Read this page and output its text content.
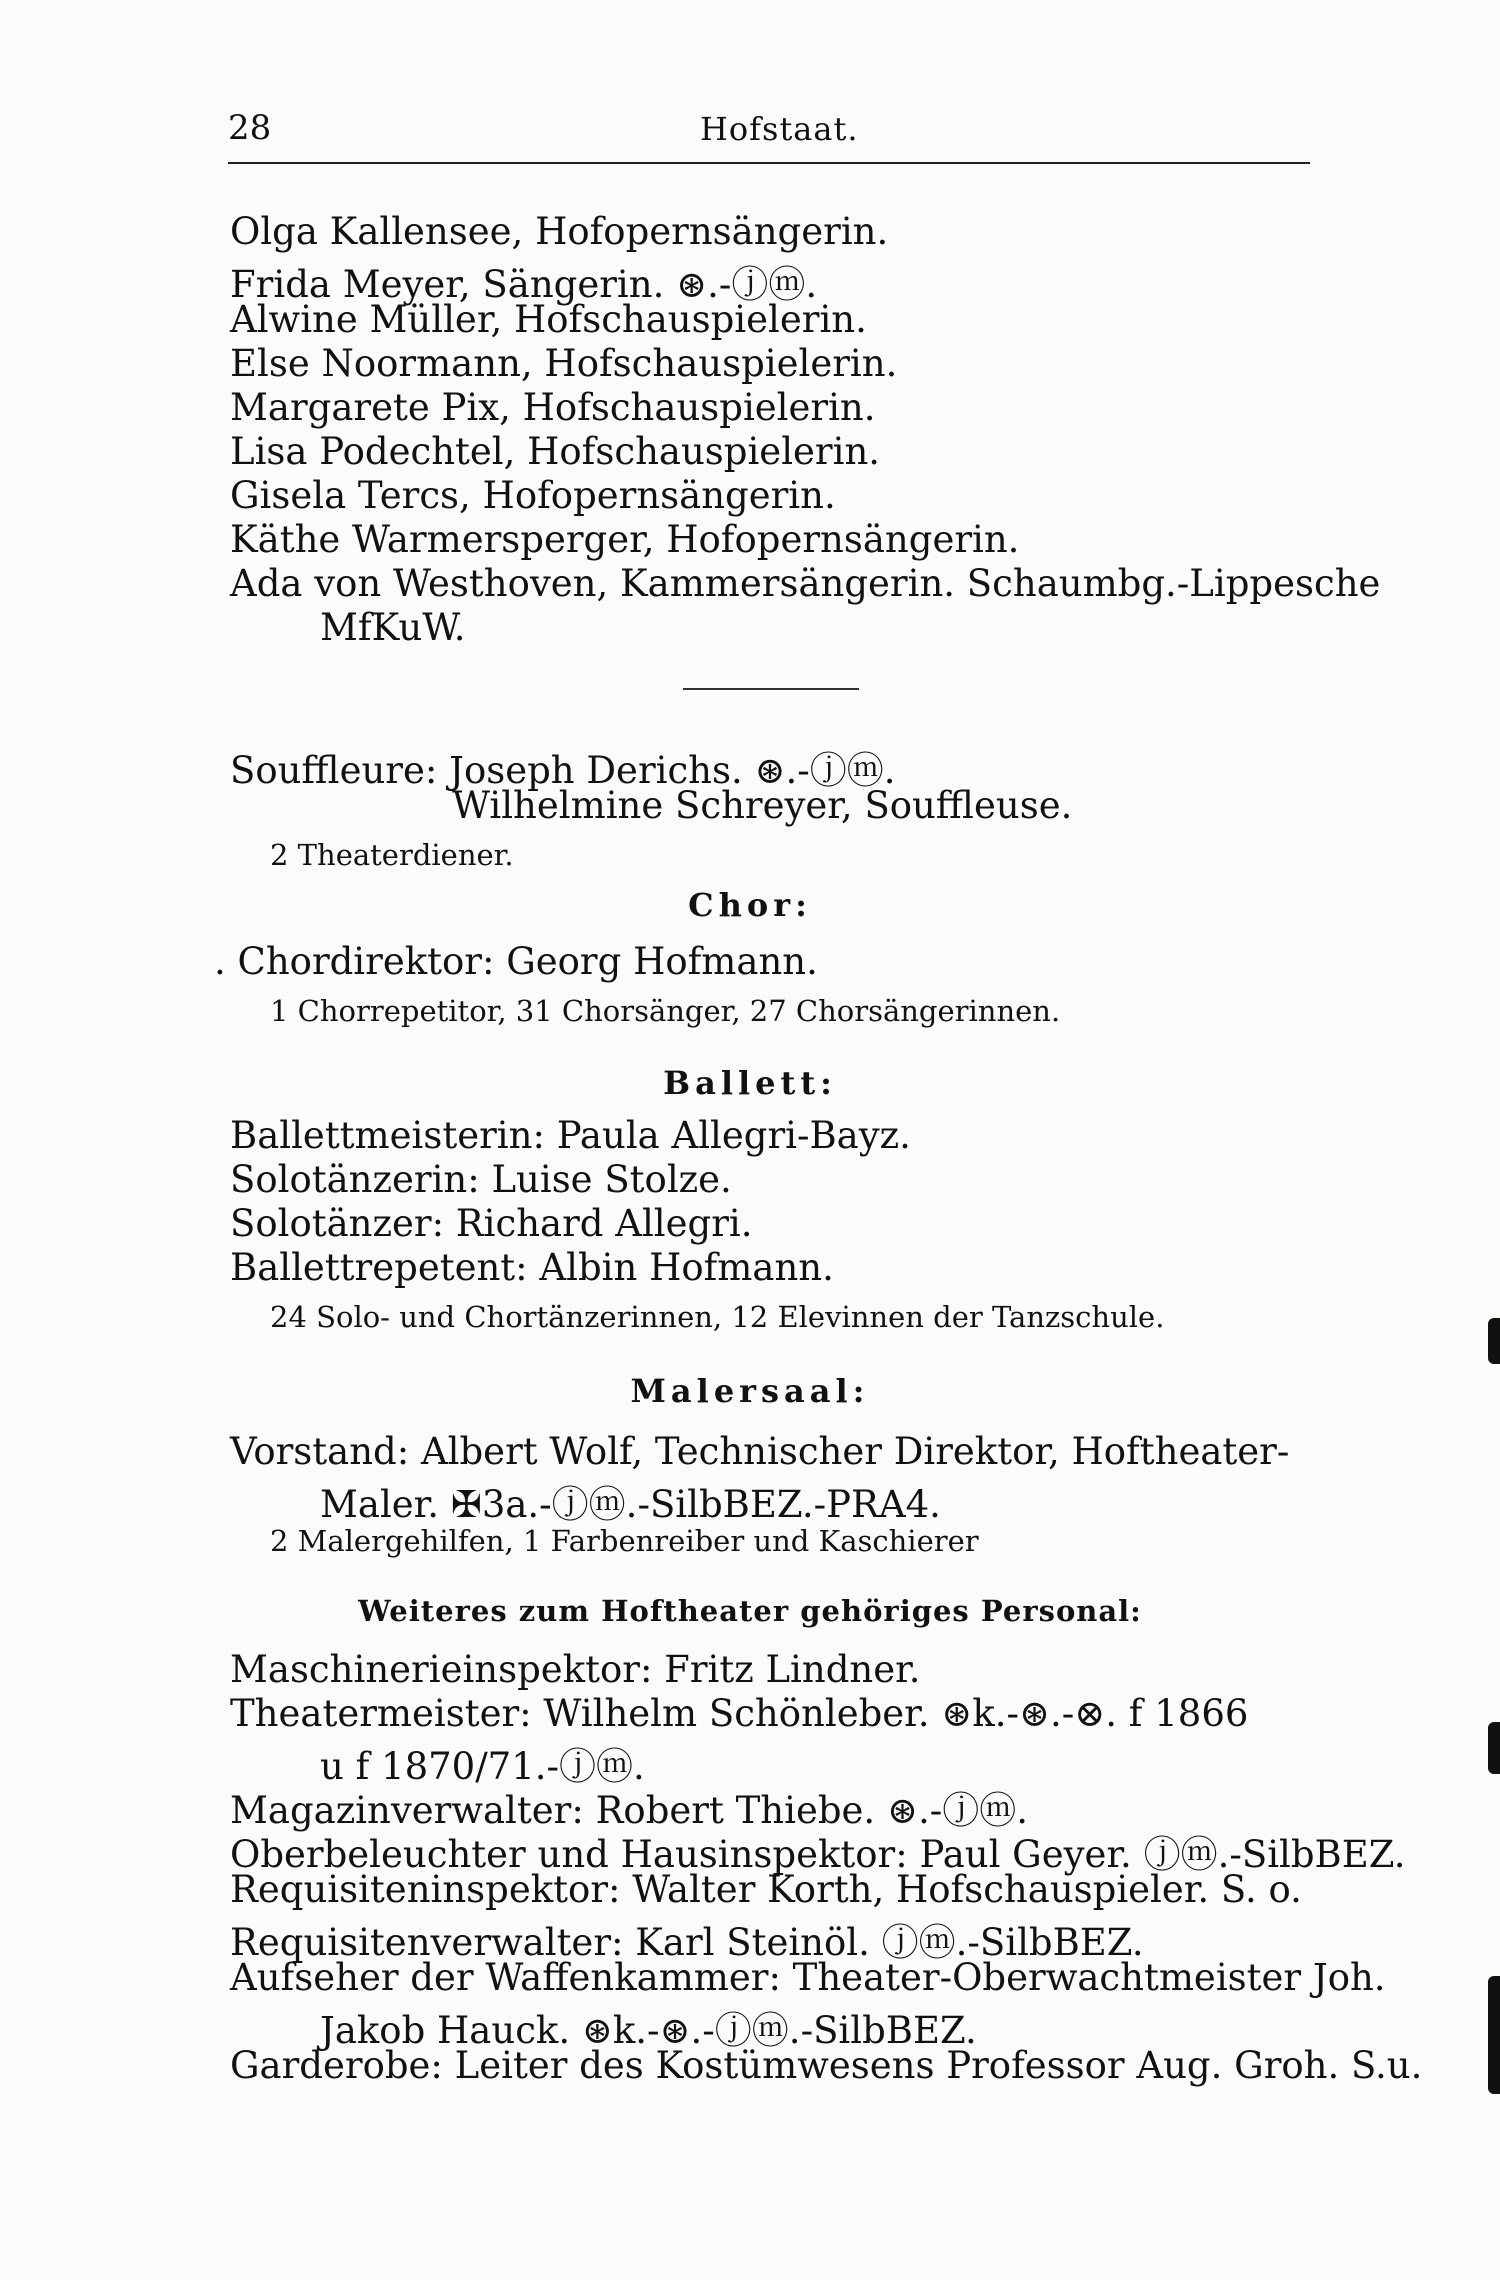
28	Hofstaat.
Olga Kallensee, Hofopernsängerin.
Frida Meyer, Sängerin. ⊛.-ⓙⓜ.
Alwine Müller, Hofschauspielerin.
Else Noormann, Hofschauspielerin.
Margarete Pix, Hofschauspielerin.
Lisa Podechtel, Hofschauspielerin.
Gisela Tercs, Hofopernsängerin.
Käthe Warmersperger, Hofopernsängerin.
Ada von Westhoven, Kammersängerin. Schaumbg.-Lippesche
MfKuW.
Souffleure: Joseph Derichs. ⊛.-ⓙⓜ.
Wilhelmine Schreyer, Souffleuse.
2 Theaterdiener.
Chor:
. Chordirektor: Georg Hofmann.
1 Chorrepetitor, 31 Chorsänger, 27 Chorsängerinnen.
Ballett:
Ballettmeisterin: Paula Allegri-Bayz.
Solotänzerin: Luise Stolze.
Solotänzer: Richard Allegri.
Ballettrepetent: Albin Hofmann.
24 Solo- und Chortänzerinnen, 12 Elevinnen der Tanzschule.
Malersaal:
Vorstand: Albert Wolf, Technischer Direktor, Hoftheater-
Maler. ✠3a.-ⓙⓜ.-SilbBEZ.-PRA4.
2 Malergehilfen, 1 Farbenreiber und Kaschierer
Weiteres zum Hoftheater gehöriges Personal:
Maschinerieinspektor: Fritz Lindner.
Theatermeister: Wilhelm Schönleber. ⊛k.-⊛.-⊗. f 1866
u f 1870/71.-ⓙⓜ.
Magazinverwalter: Robert Thiebe. ⊛.-ⓙⓜ.
Oberbeleuchter und Hausinspektor: Paul Geyer. ⓙⓜ.-SilbBEZ.
Requisiteninspektor: Walter Korth, Hofschauspieler. S. o.
Requisitenverwalter: Karl Steinöl. ⓙⓜ.-SilbBEZ.
Aufseher der Waffenkammer: Theater-Oberwachtmeister Joh.
Jakob Hauck. ⊛k.-⊛.-ⓙⓜ.-SilbBEZ.
Garderobe: Leiter des Kostümwesens Professor Aug. Groh. S.u.
